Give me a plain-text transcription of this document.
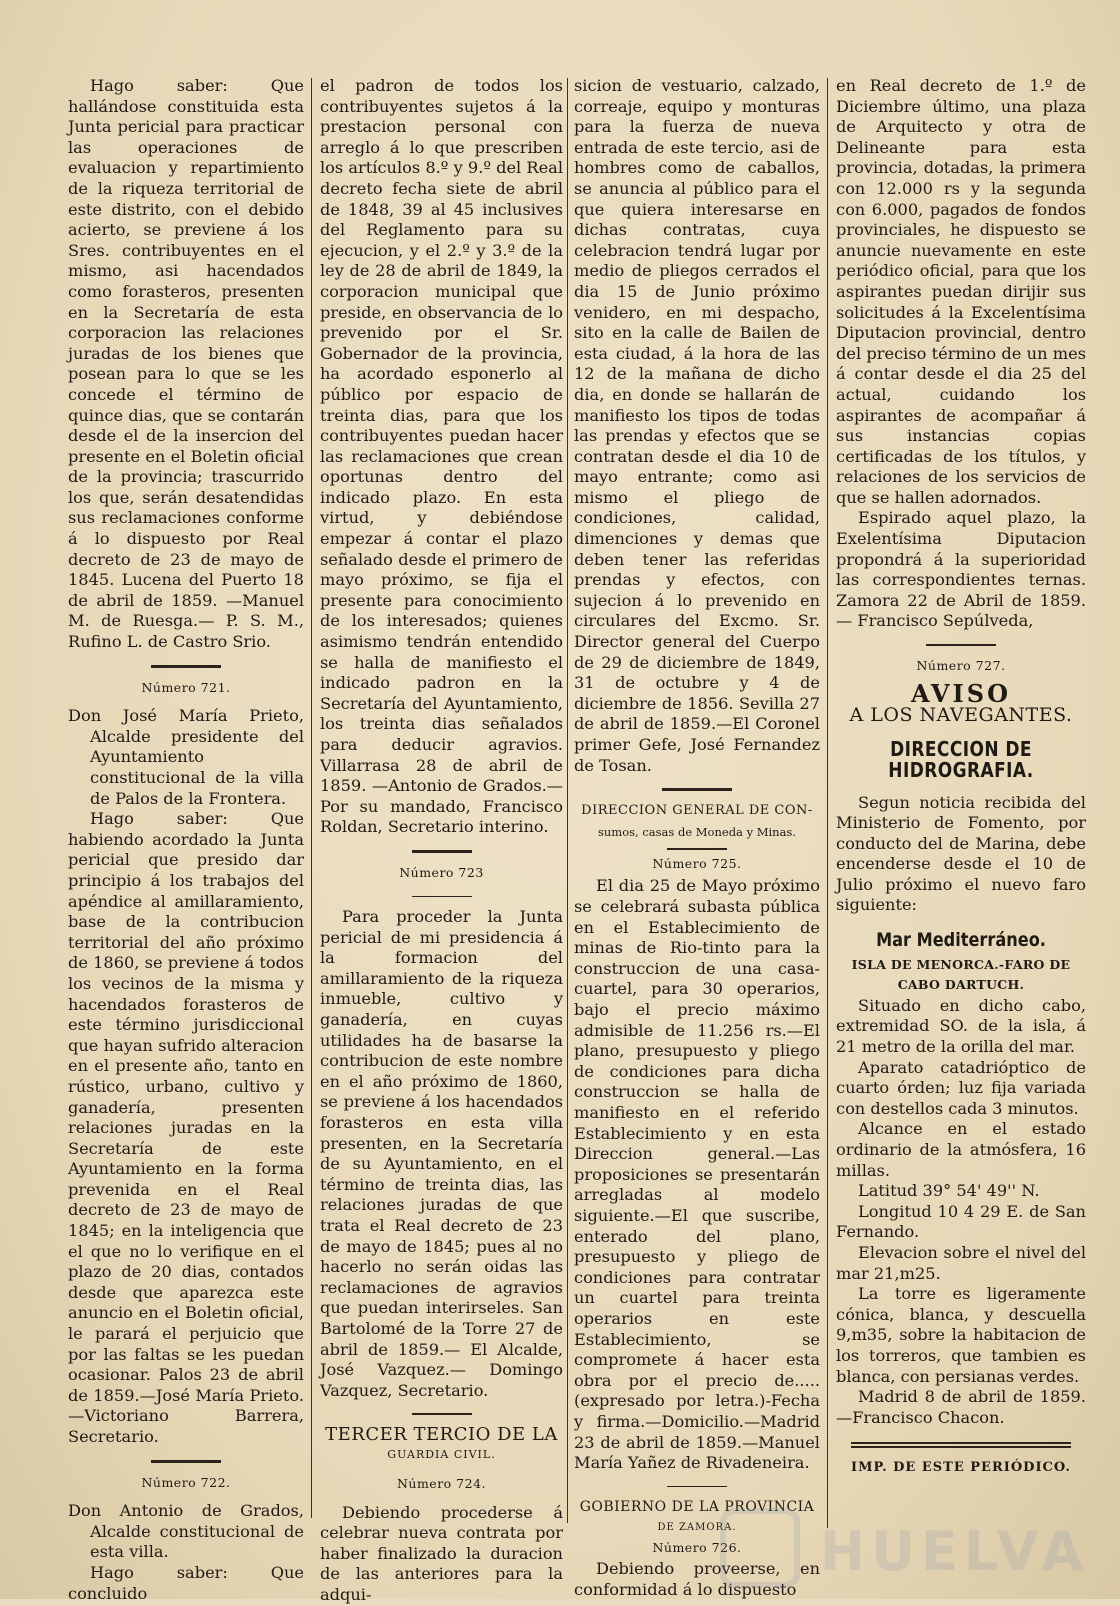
Hago saber: Que hallándose constituida esta Junta pericial para practicar las operaciones de evaluacion y repartimiento de la riqueza territorial de este distrito, con el debido acierto, se previene á los Sres. contribuyentes en el mismo, asi hacendados como forasteros, presenten en la Secretaría de esta corporacion las relaciones juradas de los bienes que posean para lo que se les concede el término de quince dias, que se contarán desde el de la insercion del presente en el Boletin oficial de la provincia; trascurrido los que, serán desatendidas sus reclamaciones conforme á lo dispuesto por Real decreto de 23 de mayo de 1845. Lucena del Puerto 18 de abril de 1859. —Manuel M. de Ruesga.— P. S. M., Rufino L. de Castro Srio.

Número 721.

Don José María Prieto, Alcalde presidente del Ayuntamiento constitucional de la villa de Palos de la Frontera.

Hago saber: Que habiendo acordado la Junta pericial que presido dar principio á los trabajos del apéndice al amillaramiento, base de la contribucion territorial del año próximo de 1860, se previene á todos los vecinos de la misma y hacendados forasteros de este término jurisdiccional que hayan sufrido alteracion en el presente año, tanto en rústico, urbano, cultivo y ganadería, presenten relaciones juradas en la Secretaría de este Ayuntamiento en la forma prevenida en el Real decreto de 23 de mayo de 1845; en la inteligencia que el que no lo verifique en el plazo de 20 dias, contados desde que aparezca este anuncio en el Boletin oficial, le parará el perjuicio que por las faltas se les puedan ocasionar. Palos 23 de abril de 1859.—José María Prieto.—Victoriano Barrera, Secretario.

Número 722.

Don Antonio de Grados, Alcalde constitucional de esta villa.

Hago saber: Que concluido

el padron de todos los contribuyentes sujetos á la prestacion personal con arreglo á lo que prescriben los artículos 8.º y 9.º del Real decreto fecha siete de abril de 1848, 39 al 45 inclusives del Reglamento para su ejecucion, y el 2.º y 3.º de la ley de 28 de abril de 1849, la corporacion municipal que preside, en observancia de lo prevenido por el Sr. Gobernador de la provincia, ha acordado esponerlo al público por espacio de treinta dias, para que los contribuyentes puedan hacer las reclamaciones que crean oportunas dentro del indicado plazo. En esta virtud, y debiéndose empezar á contar el plazo señalado desde el primero de mayo próximo, se fija el presente para conocimiento de los interesados; quienes asimismo tendrán entendido se halla de manifiesto el indicado padron en la Secretaría del Ayuntamiento, los treinta dias señalados para deducir agravios. Villarrasa 28 de abril de 1859. —Antonio de Grados.—Por su mandado, Francisco Roldan, Secretario interino.

Número 723

Para proceder la Junta pericial de mi presidencia á la formacion del amillaramiento de la riqueza inmueble, cultivo y ganadería, en cuyas utilidades ha de basarse la contribucion de este nombre en el año próximo de 1860, se previene á los hacendados forasteros en esta villa presenten, en la Secretaría de su Ayuntamiento, en el término de treinta dias, las relaciones juradas de que trata el Real decreto de 23 de mayo de 1845; pues al no hacerlo no serán oidas las reclamaciones de agravios que puedan interirseles. San Bartolomé de la Torre 27 de abril de 1859.— El Alcalde, José Vazquez.— Domingo Vazquez, Secretario.

TERCER TERCIO DE LA

GUARDIA CIVIL.

Número 724.

Debiendo procederse á celebrar nueva contrata por haber finalizado la duracion de las anteriores para la adqui-

sicion de vestuario, calzado, correaje, equipo y monturas para la fuerza de nueva entrada de este tercio, asi de hombres como de caballos, se anuncia al público para el que quiera interesarse en dichas contratas, cuya celebracion tendrá lugar por medio de pliegos cerrados el dia 15 de Junio próximo venidero, en mi despacho, sito en la calle de Bailen de esta ciudad, á la hora de las 12 de la mañana de dicho dia, en donde se hallarán de manifiesto los tipos de todas las prendas y efectos que se contratan desde el dia 10 de mayo entrante; como asi mismo el pliego de condiciones, calidad, dimenciones y demas que deben tener las referidas prendas y efectos, con sujecion á lo prevenido en circulares del Excmo. Sr. Director general del Cuerpo de 29 de diciembre de 1849, 31 de octubre y 4 de diciembre de 1856. Sevilla 27 de abril de 1859.—El Coronel primer Gefe, José Fernandez de Tosan.

DIRECCION GENERAL DE CON-

sumos, casas de Moneda y Minas.

Número 725.

El dia 25 de Mayo próximo se celebrará subasta pública en el Establecimiento de minas de Rio-tinto para la construccion de una casa-cuartel, para 30 operarios, bajo el precio máximo admisible de 11.256 rs.—El plano, presupuesto y pliego de condiciones para dicha construccion se halla de manifiesto en el referido Establecimiento y en esta Direccion general.—Las proposiciones se presentarán arregladas al modelo siguiente.—El que suscribe, enterado del plano, presupuesto y pliego de condiciones para contratar un cuartel para treinta operarios en este Establecimiento, se compromete á hacer esta obra por el precio de..... (expresado por letra.)-Fecha y firma.—Domicilio.—Madrid 23 de abril de 1859.—Manuel María Yañez de Rivadeneira.

GOBIERNO DE LA PROVINCIA

DE ZAMORA.

Número 726.

Debiendo proveerse, en conformidad á lo dispuesto

en Real decreto de 1.º de Diciembre último, una plaza de Arquitecto y otra de Delineante para esta provincia, dotadas, la primera con 12.000 rs y la segunda con 6.000, pagados de fondos provinciales, he dispuesto se anuncie nuevamente en este periódico oficial, para que los aspirantes puedan dirijir sus solicitudes á la Excelentísima Diputacion provincial, dentro del preciso término de un mes á contar desde el dia 25 del actual, cuidando los aspirantes de acompañar á sus instancias copias certificadas de los títulos, y relaciones de los servicios de que se hallen adornados.

Espirado aquel plazo, la Exelentísima Diputacion propondrá á la superioridad las correspondientes ternas. Zamora 22 de Abril de 1859.— Francisco Sepúlveda,

Número 727.

AVISO

A LOS NAVEGANTES.

DIRECCION DE HIDROGRAFIA.

Segun noticia recibida del Ministerio de Fomento, por conducto del de Marina, debe encenderse desde el 10 de Julio próximo el nuevo faro siguiente:

Mar Mediterráneo.

ISLA DE MENORCA.-FARO DE CABO DARTUCH.

Situado en dicho cabo, extremidad SO. de la isla, á 21 metro de la orilla del mar.

Aparato catadrióptico de cuarto órden; luz fija variada con destellos cada 3 minutos.

Alcance en el estado ordinario de la atmósfera, 16 millas.

Latitud 39° 54' 49'' N.

Longitud 10 4 29 E. de San Fernando.

Elevacion sobre el nivel del mar 21,m25.

La torre es ligeramente cónica, blanca, y descuella 9,m35, sobre la habitacion de los torreros, que tambien es blanca, con persianas verdes.

Madrid 8 de abril de 1859. —Francisco Chacon.

IMP. DE ESTE PERIÓDICO.

HUELVA
